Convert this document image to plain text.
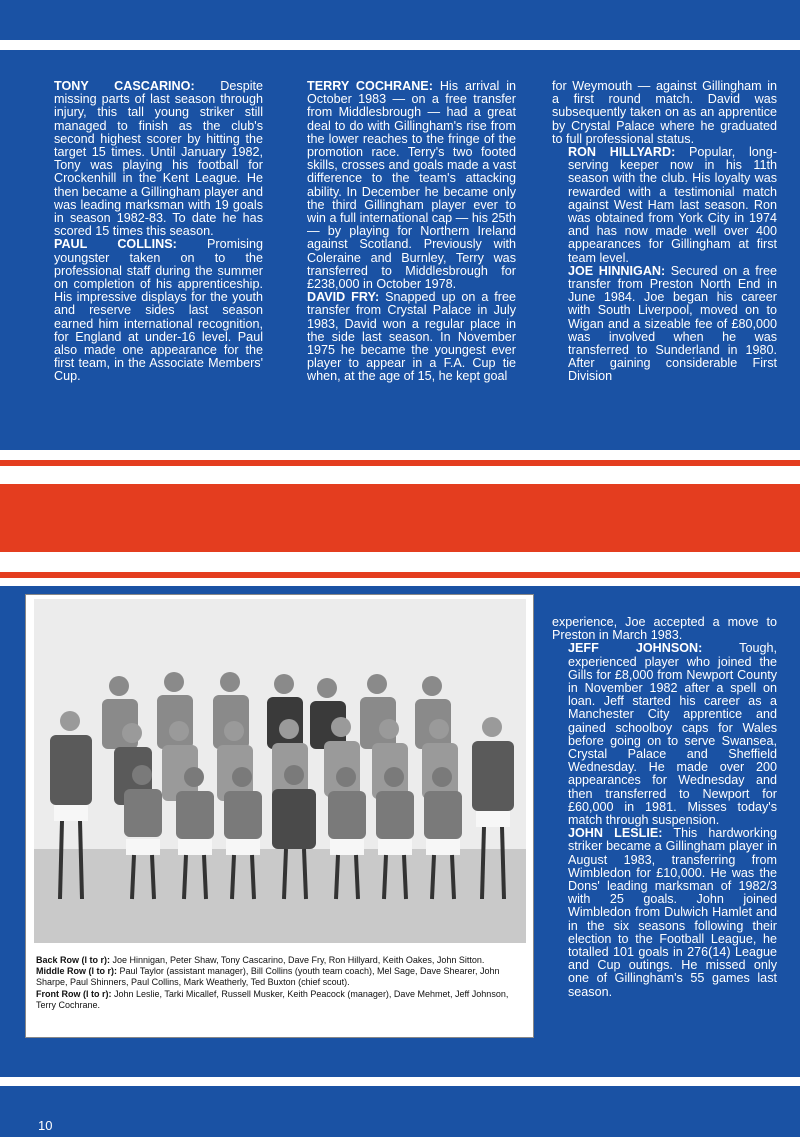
TONY CASCARINO: Despite missing parts of last season through injury, this tall young striker still managed to finish as the club's second highest scorer by hitting the target 15 times. Until January 1982, Tony was playing his football for Crockenhill in the Kent League. He then became a Gillingham player and was leading marksman with 19 goals in season 1982-83. To date he has scored 15 times this season.

PAUL COLLINS: Promising youngster taken on to the professional staff during the summer on completion of his apprenticeship. His impressive displays for the youth and reserve sides last season earned him international recognition, for England at under-16 level. Paul also made one appearance for the first team, in the Associate Members' Cup.

TERRY COCHRANE: His arrival in October 1983 — on a free transfer from Middlesbrough — had a great deal to do with Gillingham's rise from the lower reaches to the fringe of the promotion race. Terry's two footed skills, crosses and goals made a vast difference to the team's attacking ability. In December he became only the third Gillingham player ever to win a full international cap — his 25th — by playing for Northern Ireland against Scotland. Previously with Coleraine and Burnley, Terry was transferred to Middlesbrough for £238,000 in October 1978.

DAVID FRY: Snapped up on a free transfer from Crystal Palace in July 1983, David won a regular place in the side last season. In November 1975 he became the youngest ever player to appear in a F.A. Cup tie when, at the age of 15, he kept goal

for Weymouth — against Gillingham in a first round match. David was subsequently taken on as an apprentice by Crystal Palace where he graduated to full professional status.

RON HILLYARD: Popular, long-serving keeper now in his 11th season with the club. His loyalty was rewarded with a testimonial match against West Ham last season. Ron was obtained from York City in 1974 and has now made well over 400 appearances for Gillingham at first team level.

JOE HINNIGAN: Secured on a free transfer from Preston North End in June 1984. Joe began his career with South Liverpool, moved on to Wigan and a sizeable fee of £80,000 was involved when he was transferred to Sunderland in 1980. After gaining considerable First Division

Back Row (l to r): Joe Hinnigan, Peter Shaw, Tony Cascarino, Dave Fry, Ron Hillyard, Keith Oakes, John Sitton.
Middle Row (l to r): Paul Taylor (assistant manager), Bill Collins (youth team coach), Mel Sage, Dave Shearer, John Sharpe, Paul Shinners, Paul Collins, Mark Weatherly, Ted Buxton (chief scout).
Front Row (l to r): John Leslie, Tarki Micallef, Russell Musker, Keith Peacock (manager), Dave Mehmet, Jeff Johnson, Terry Cochrane.

experience, Joe accepted a move to Preston in March 1983.

JEFF JOHNSON: Tough, experienced player who joined the Gills for £8,000 from Newport County in November 1982 after a spell on loan. Jeff started his career as a Manchester City apprentice and gained schoolboy caps for Wales before going on to serve Swansea, Crystal Palace and Sheffield Wednesday. He made over 200 appearances for Wednesday and then transferred to Newport for £60,000 in 1981. Misses today's match through suspension.

JOHN LESLIE: This hardworking striker became a Gillingham player in August 1983, transferring from Wimbledon for £10,000. He was the Dons' leading marksman of 1982/3 with 25 goals. John joined Wimbledon from Dulwich Hamlet and in the six seasons following their election to the Football League, he totalled 101 goals in 276(14) League and Cup outings. He missed only one of Gillingham's 55 games last season.

10
